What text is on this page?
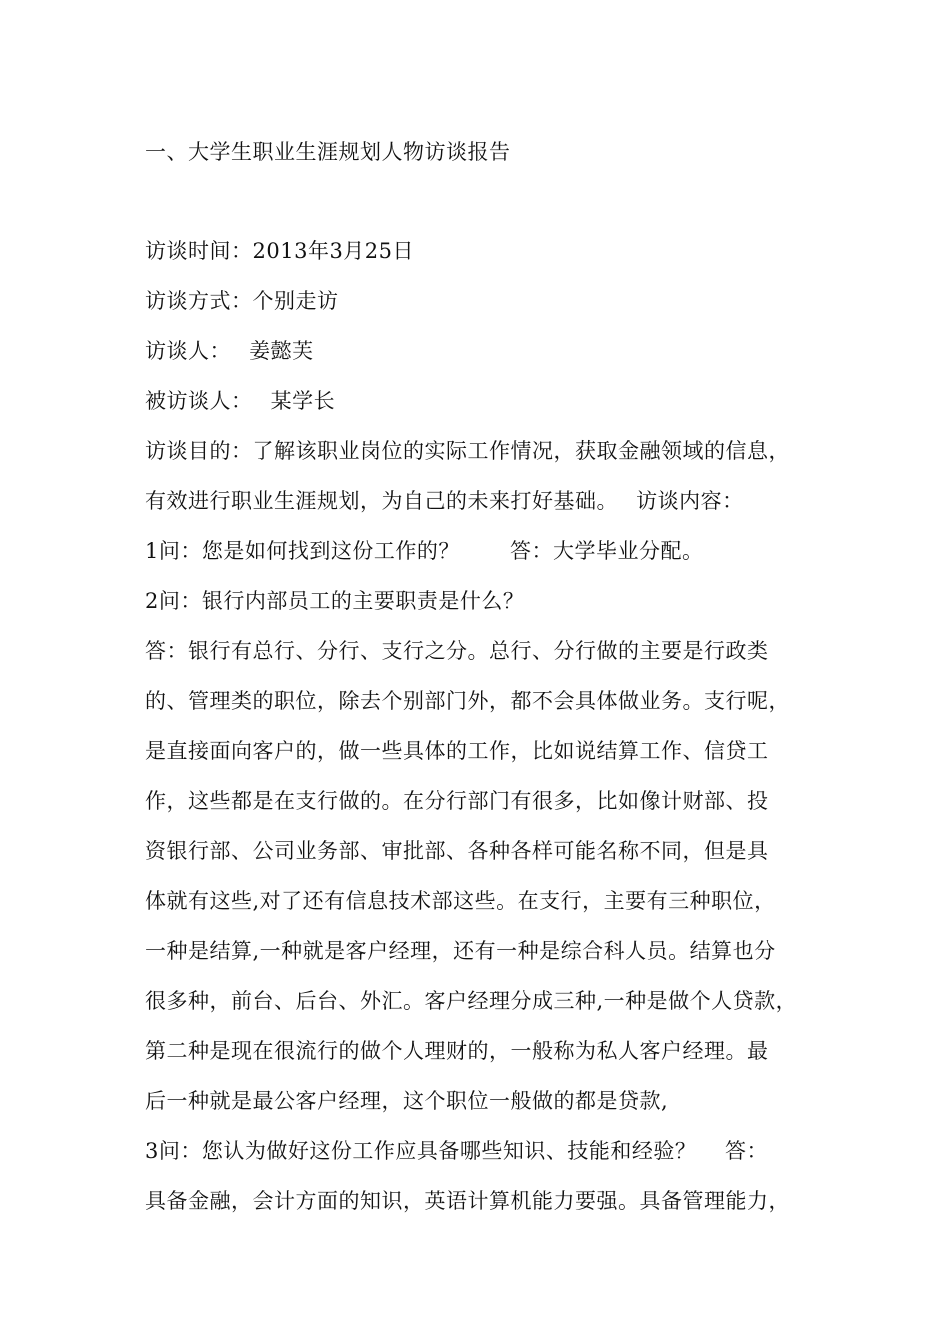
一、大学生职业生涯规划人物访谈报告
访谈时间：2013年3月25日
访谈方式：个别走访
访谈人：　 姜懿芙
被访谈人：　 某学长
访谈目的：了解该职业岗位的实际工作情况，获取金融领域的信息，
有效进行职业生涯规划，为自己的未来打好基础。　 访谈内容：
1问：您是如何找到这份工作的？　　 答：大学毕业分配。
2问：银行内部员工的主要职责是什么？
答：银行有总行、分行、支行之分。总行、分行做的主要是行政类
的、管理类的职位，除去个别部门外，都不会具体做业务。支行呢，
是直接面向客户的，做一些具体的工作，比如说结算工作、信贷工
作，这些都是在支行做的。在分行部门有很多，比如像计财部、投
资银行部、公司业务部、审批部、各种各样可能名称不同，但是具
体就有这些,对了还有信息技术部这些。在支行，主要有三种职位，
一种是结算,一种就是客户经理，还有一种是综合科人员。结算也分
很多种，前台、后台、外汇。客户经理分成三种,一种是做个人贷款，
第二种是现在很流行的做个人理财的，一般称为私人客户经理。最
后一种就是最公客户经理，这个职位一般做的都是贷款,
3问：您认为做好这份工作应具备哪些知识、技能和经验？　 答：
具备金融，会计方面的知识，英语计算机能力要强。具备管理能力，
